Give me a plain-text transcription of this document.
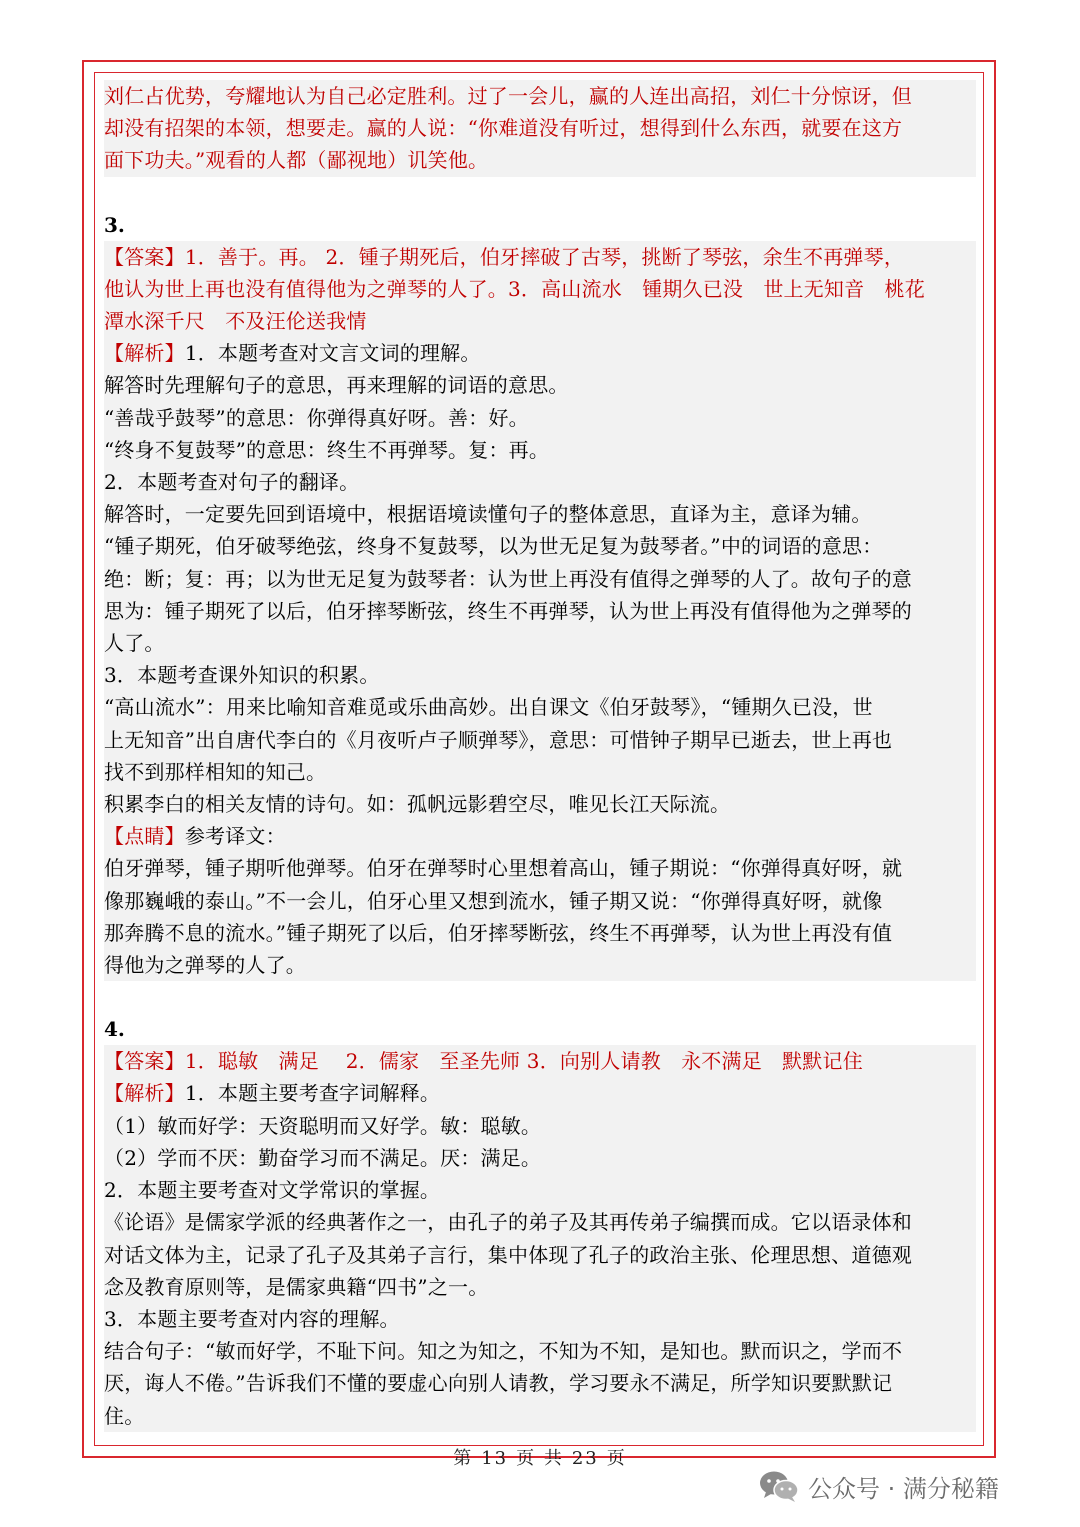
刘仁占优势，夸耀地认为自己必定胜利。过了一会儿，赢的人连出高招，刘仁十分惊讶，但
却没有招架的本领，想要走。赢的人说：“你难道没有听过，想得到什么东西，就要在这方
面下功夫。”观看的人都（鄙视地）讥笑他。
3.
【答案】1．善于。再。 2．锺子期死后，伯牙摔破了古琴，挑断了琴弦，余生不再弹琴，
他认为世上再也没有值得他为之弹琴的人了。3．高山流水　锺期久已没　世上无知音　桃花
潭水深千尺　不及汪伦送我情
【解析】1．本题考查对文言文词的理解。
解答时先理解句子的意思，再来理解的词语的意思。
“善哉乎鼓琴”的意思：你弹得真好呀。善：好。
“终身不复鼓琴”的意思：终生不再弹琴。复：再。
2．本题考查对句子的翻译。
解答时，一定要先回到语境中，根据语境读懂句子的整体意思，直译为主，意译为辅。
“锺子期死，伯牙破琴绝弦，终身不复鼓琴，以为世无足复为鼓琴者。”中的词语的意思：
绝：断；复：再；以为世无足复为鼓琴者：认为世上再没有值得之弹琴的人了。故句子的意
思为：锺子期死了以后，伯牙摔琴断弦，终生不再弹琴，认为世上再没有值得他为之弹琴的
人了。
3．本题考查课外知识的积累。
“高山流水”：用来比喻知音难觅或乐曲高妙。出自课文《伯牙鼓琴》，“锺期久已没，世
上无知音”出自唐代李白的《月夜听卢子顺弹琴》，意思：可惜钟子期早已逝去，世上再也
找不到那样相知的知己。
积累李白的相关友情的诗句。如：孤帆远影碧空尽，唯见长江天际流。
【点睛】参考译文：
伯牙弹琴，锺子期听他弹琴。伯牙在弹琴时心里想着高山，锺子期说：“你弹得真好呀，就
像那巍峨的泰山。”不一会儿，伯牙心里又想到流水，锺子期又说：“你弹得真好呀，就像
那奔腾不息的流水。”锺子期死了以后，伯牙摔琴断弦，终生不再弹琴，认为世上再没有值
得他为之弹琴的人了。
4.
【答案】1．聪敏　满足　 2．儒家　至圣先师 3．向别人请教　永不满足　默默记住
【解析】1．本题主要考查字词解释。
（1）敏而好学：天资聪明而又好学。敏：聪敏。
（2）学而不厌：勤奋学习而不满足。厌：满足。
2．本题主要考查对文学常识的掌握。
《论语》是儒家学派的经典著作之一，由孔子的弟子及其再传弟子编撰而成。它以语录体和
对话文体为主，记录了孔子及其弟子言行，集中体现了孔子的政治主张、伦理思想、道德观
念及教育原则等，是儒家典籍“四书”之一。
3．本题主要考查对内容的理解。
结合句子：“敏而好学，不耻下问。知之为知之，不知为不知，是知也。默而识之，学而不
厌，诲人不倦。”告诉我们不懂的要虚心向别人请教，学习要永不满足，所学知识要默默记
住。
第 13 页 共 23 页
公众号 · 满分秘籍
